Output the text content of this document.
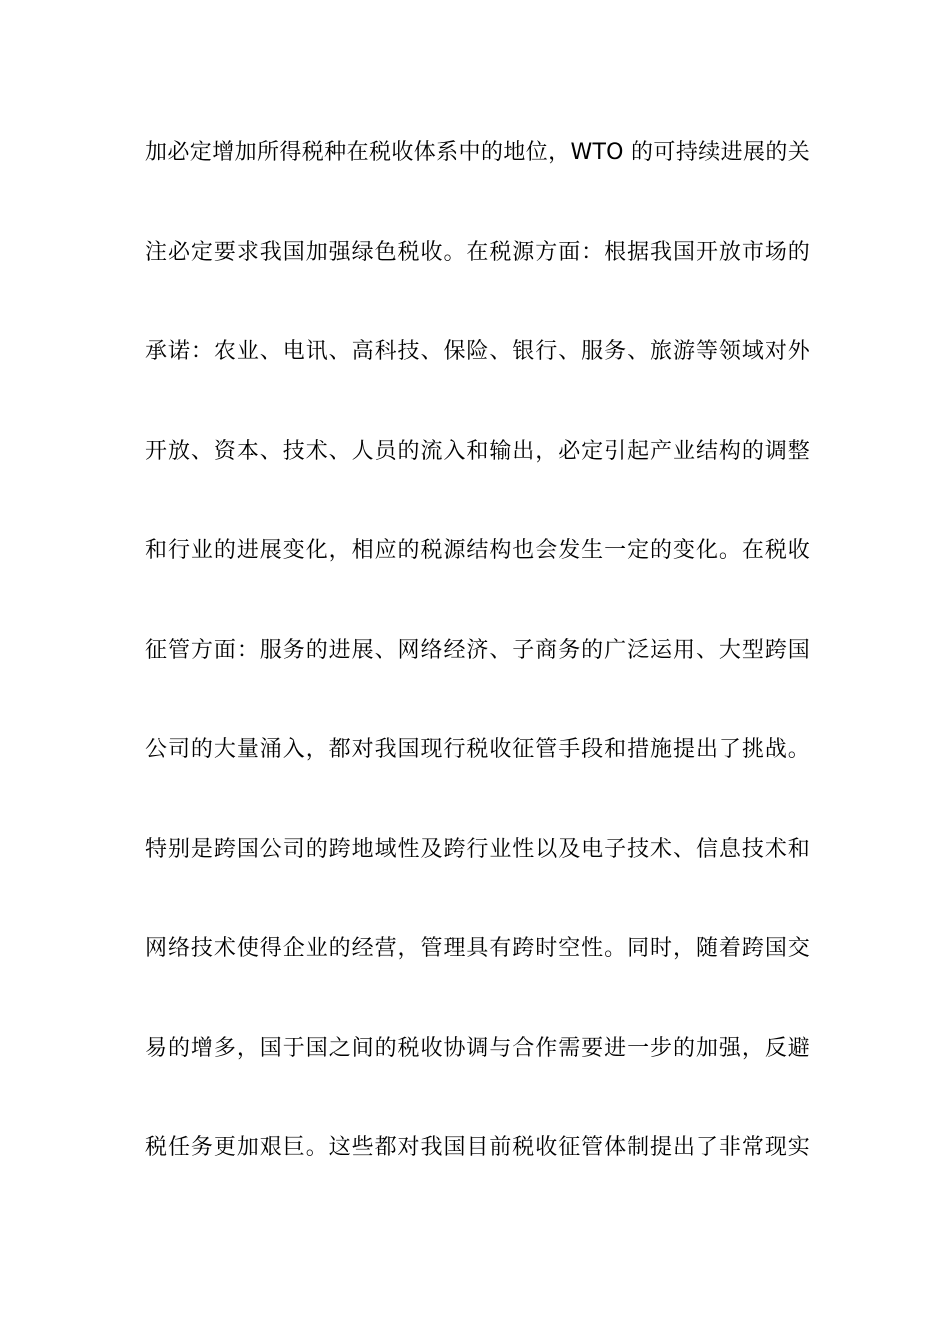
加必定增加所得税种在税收体系中的地位，WTO 的可持续进展的关
注必定要求我国加强绿色税收。在税源方面：根据我国开放市场的
承诺：农业、电讯、高科技、保险、银行、服务、旅游等领域对外
开放、资本、技术、人员的流入和输出，必定引起产业结构的调整
和行业的进展变化，相应的税源结构也会发生一定的变化。在税收
征管方面：服务的进展、网络经济、子商务的广泛运用、大型跨国
公司的大量涌入，都对我国现行税收征管手段和措施提出了挑战。
特别是跨国公司的跨地域性及跨行业性以及电子技术、信息技术和
网络技术使得企业的经营，管理具有跨时空性。同时，随着跨国交
易的增多，国于国之间的税收协调与合作需要进一步的加强，反避
税任务更加艰巨。这些都对我国目前税收征管体制提出了非常现实
